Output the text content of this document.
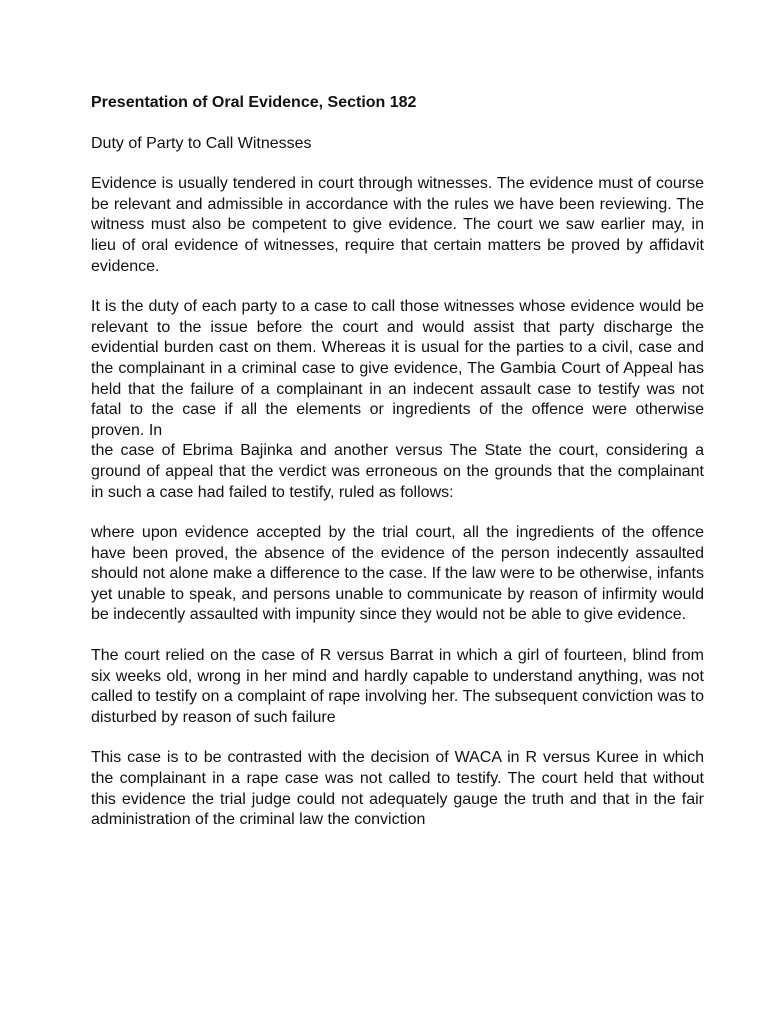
Presentation of Oral Evidence, Section 182
Duty of Party to Call Witnesses

Evidence is usually tendered in court through witnesses. The evidence must of course be relevant and admissible in accordance with the rules we have been reviewing. The witness must also be competent to give evidence. The court we saw earlier may, in lieu of oral evidence of witnesses, require that certain matters be proved by affidavit evidence.

It is the duty of each party to a case to call those witnesses whose evidence would be relevant to the issue before the court and would assist that party discharge the evidential burden cast on them. Whereas it is usual for the parties to a civil, case and the complainant in a criminal case to give evidence, The Gambia Court of Appeal has held that the failure of a complainant in an indecent assault case to testify was not fatal to the case if all the elements or ingredients of the offence were otherwise proven. In

the case of Ebrima Bajinka and another versus The State the court, considering a ground of appeal that the verdict was erroneous on the grounds that the complainant in such a case had failed to testify, ruled as follows:

where upon evidence accepted by the trial court, all the ingredients of the offence have been proved, the absence of the evidence of the person indecently assaulted should not alone make a difference to the case. If the law were to be otherwise, infants yet unable to speak, and persons unable to communicate by reason of infirmity would be indecently assaulted with impunity since they would not be able to give evidence.

The court relied on the case of R versus Barrat in which a girl of fourteen, blind from six weeks old, wrong in her mind and hardly capable to understand anything, was not called to testify on a complaint of rape involving her. The subsequent conviction was to disturbed by reason of such failure

This case is to be contrasted with the decision of WACA in R versus Kuree in which the complainant in a rape case was not called to testify. The court held that without this evidence the trial judge could not adequately gauge the truth and that in the fair administration of the criminal law the conviction
